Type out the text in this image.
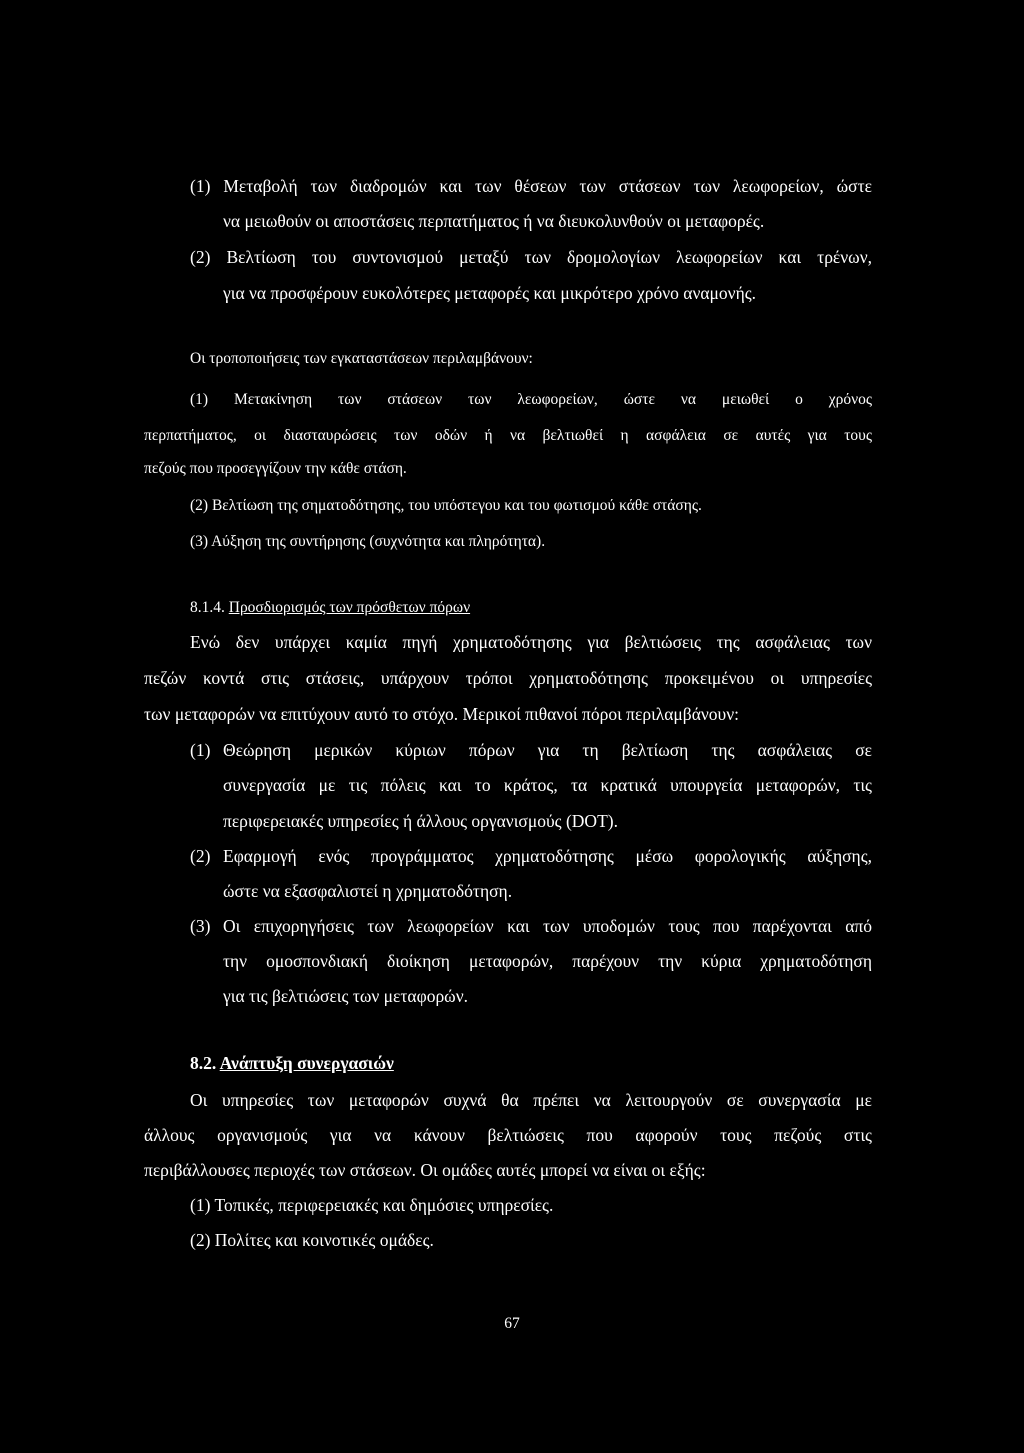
(1) Μεταβολή των διαδρομών και των θέσεων των στάσεων των λεωφορείων, ώστε
να μειωθούν οι αποστάσεις περπατήματος ή να διευκολυνθούν οι μεταφορές.
(2) Βελτίωση του συντονισμού μεταξύ των δρομολογίων λεωφορείων και τρένων,
για να προσφέρουν ευκολότερες μεταφορές και μικρότερο χρόνο αναμονής.
Οι τροποποιήσεις των εγκαταστάσεων περιλαμβάνουν:
(1) Μετακίνηση των στάσεων των λεωφορείων, ώστε να μειωθεί ο χρόνος
περπατήματος, οι διασταυρώσεις των οδών ή να βελτιωθεί η ασφάλεια σε αυτές για τους
πεζούς που προσεγγίζουν την κάθε στάση.
(2) Βελτίωση της σηματοδότησης, του υπόστεγου και του φωτισμού κάθε στάσης.
(3) Αύξηση της συντήρησης (συχνότητα και πληρότητα).
8.1.4. Προσδιορισμός των πρόσθετων πόρων
Ενώ δεν υπάρχει καμία πηγή χρηματοδότησης για βελτιώσεις της ασφάλειας των
πεζών κοντά στις στάσεις, υπάρχουν τρόποι χρηματοδότησης προκειμένου οι υπηρεσίες
των μεταφορών να επιτύχουν αυτό το στόχο. Μερικοί πιθανοί πόροι περιλαμβάνουν:
(1) Θεώρηση μερικών κύριων πόρων για τη βελτίωση της ασφάλειας σε
συνεργασία με τις πόλεις και το κράτος, τα κρατικά υπουργεία μεταφορών, τις
περιφερειακές υπηρεσίες ή άλλους οργανισμούς (DOT).
(2) Εφαρμογή ενός προγράμματος χρηματοδότησης μέσω φορολογικής αύξησης,
ώστε να εξασφαλιστεί η χρηματοδότηση.
(3) Οι επιχορηγήσεις των λεωφορείων και των υποδομών τους που παρέχονται από
την ομοσπονδιακή διοίκηση μεταφορών, παρέχουν την κύρια χρηματοδότηση
για τις βελτιώσεις των μεταφορών.
8.2. Ανάπτυξη συνεργασιών
Οι υπηρεσίες των μεταφορών συχνά θα πρέπει να λειτουργούν σε συνεργασία με
άλλους οργανισμούς για να κάνουν βελτιώσεις που αφορούν τους πεζούς στις
περιβάλλουσες περιοχές των στάσεων. Οι ομάδες αυτές μπορεί να είναι οι εξής:
(1) Τοπικές, περιφερειακές και δημόσιες υπηρεσίες.
(2) Πολίτες και κοινοτικές ομάδες.
67
